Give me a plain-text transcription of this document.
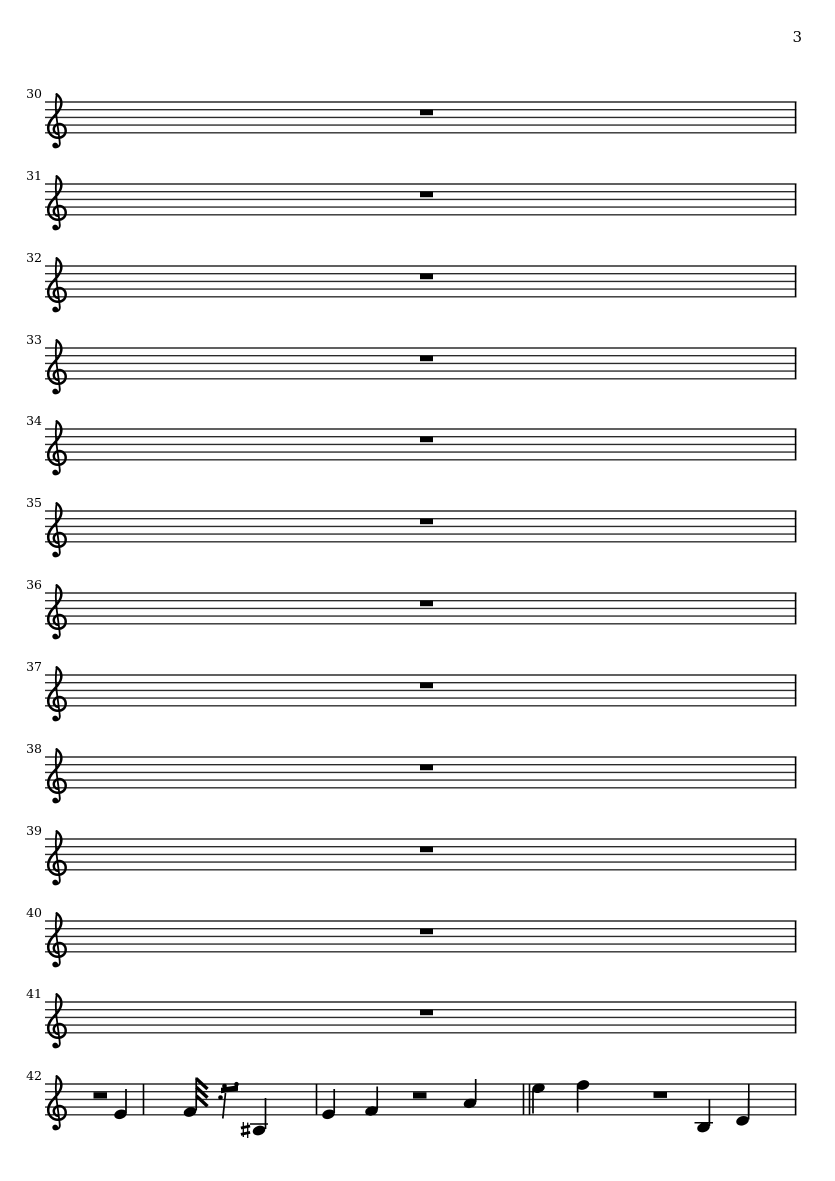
3
30
31
32
33
34
35
36
37
38
39
40
41
42
